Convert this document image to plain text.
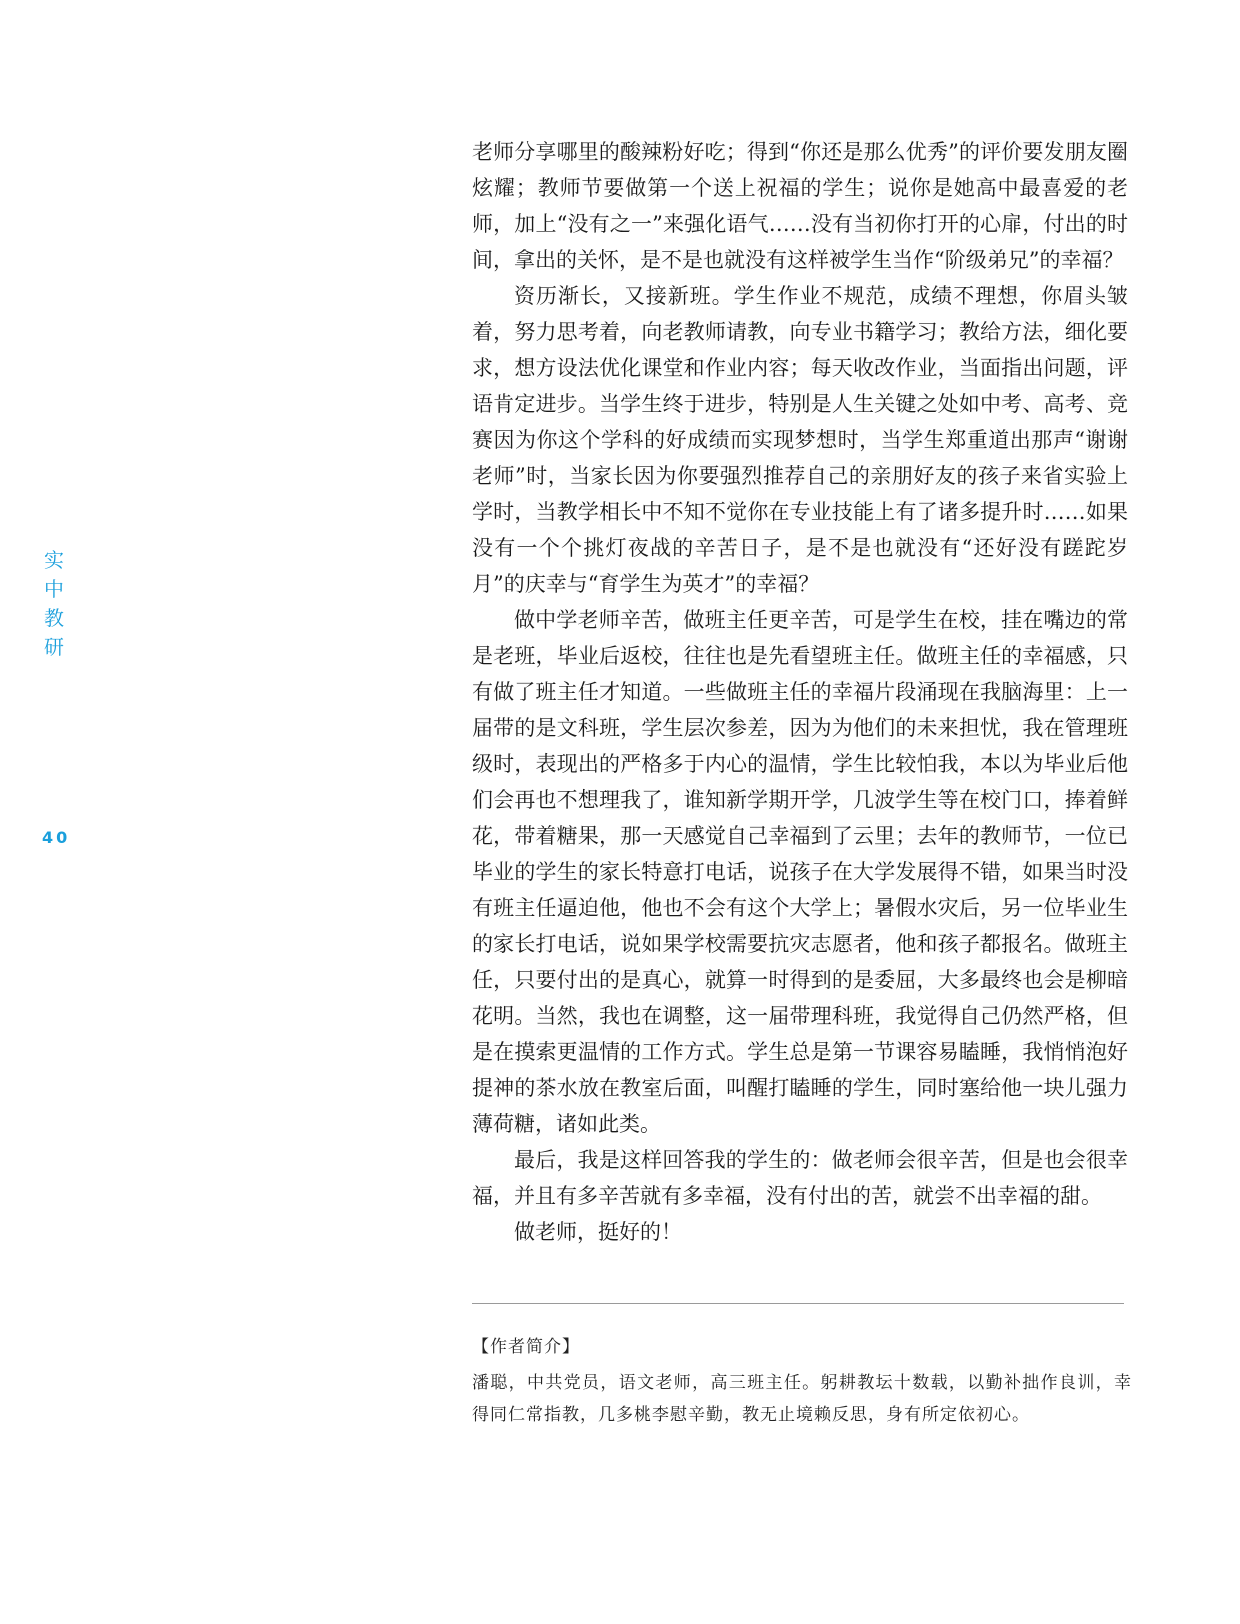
实
中
教
研
40

老师分享哪里的酸辣粉好吃；得到“你还是那么优秀”的评价要发朋友圈炫耀；教师节要做第一个送上祝福的学生；说你是她高中最喜爱的老师，加上“没有之一”来强化语气……没有当初你打开的心扉，付出的时间，拿出的关怀，是不是也就没有这样被学生当作“阶级弟兄”的幸福？

资历渐长，又接新班。学生作业不规范，成绩不理想，你眉头皱着，努力思考着，向老教师请教，向专业书籍学习；教给方法，细化要求，想方设法优化课堂和作业内容；每天收改作业，当面指出问题，评语肯定进步。当学生终于进步，特别是人生关键之处如中考、高考、竞赛因为你这个学科的好成绩而实现梦想时，当学生郑重道出那声“谢谢老师”时，当家长因为你要强烈推荐自己的亲朋好友的孩子来省实验上学时，当教学相长中不知不觉你在专业技能上有了诸多提升时……如果没有一个个挑灯夜战的辛苦日子，是不是也就没有“还好没有蹉跎岁月”的庆幸与“育学生为英才”的幸福？

做中学老师辛苦，做班主任更辛苦，可是学生在校，挂在嘴边的常是老班，毕业后返校，往往也是先看望班主任。做班主任的幸福感，只有做了班主任才知道。一些做班主任的幸福片段涌现在我脑海里：上一届带的是文科班，学生层次参差，因为为他们的未来担忧，我在管理班级时，表现出的严格多于内心的温情，学生比较怕我，本以为毕业后他们会再也不想理我了，谁知新学期开学，几波学生等在校门口，捧着鲜花，带着糖果，那一天感觉自己幸福到了云里；去年的教师节，一位已毕业的学生的家长特意打电话，说孩子在大学发展得不错，如果当时没有班主任逼迫他，他也不会有这个大学上；暑假水灾后，另一位毕业生的家长打电话，说如果学校需要抗灾志愿者，他和孩子都报名。做班主任，只要付出的是真心，就算一时得到的是委屈，大多最终也会是柳暗花明。当然，我也在调整，这一届带理科班，我觉得自己仍然严格，但是在摸索更温情的工作方式。学生总是第一节课容易瞌睡，我悄悄泡好提神的茶水放在教室后面，叫醒打瞌睡的学生，同时塞给他一块儿强力薄荷糖，诸如此类。

最后，我是这样回答我的学生的：做老师会很辛苦，但是也会很幸福，并且有多辛苦就有多幸福，没有付出的苦，就尝不出幸福的甜。

做老师，挺好的！

【作者简介】
潘聪，中共党员，语文老师，高三班主任。躬耕教坛十数载，以勤补拙作良训，幸得同仁常指教，几多桃李慰辛勤，教无止境赖反思，身有所定依初心。
